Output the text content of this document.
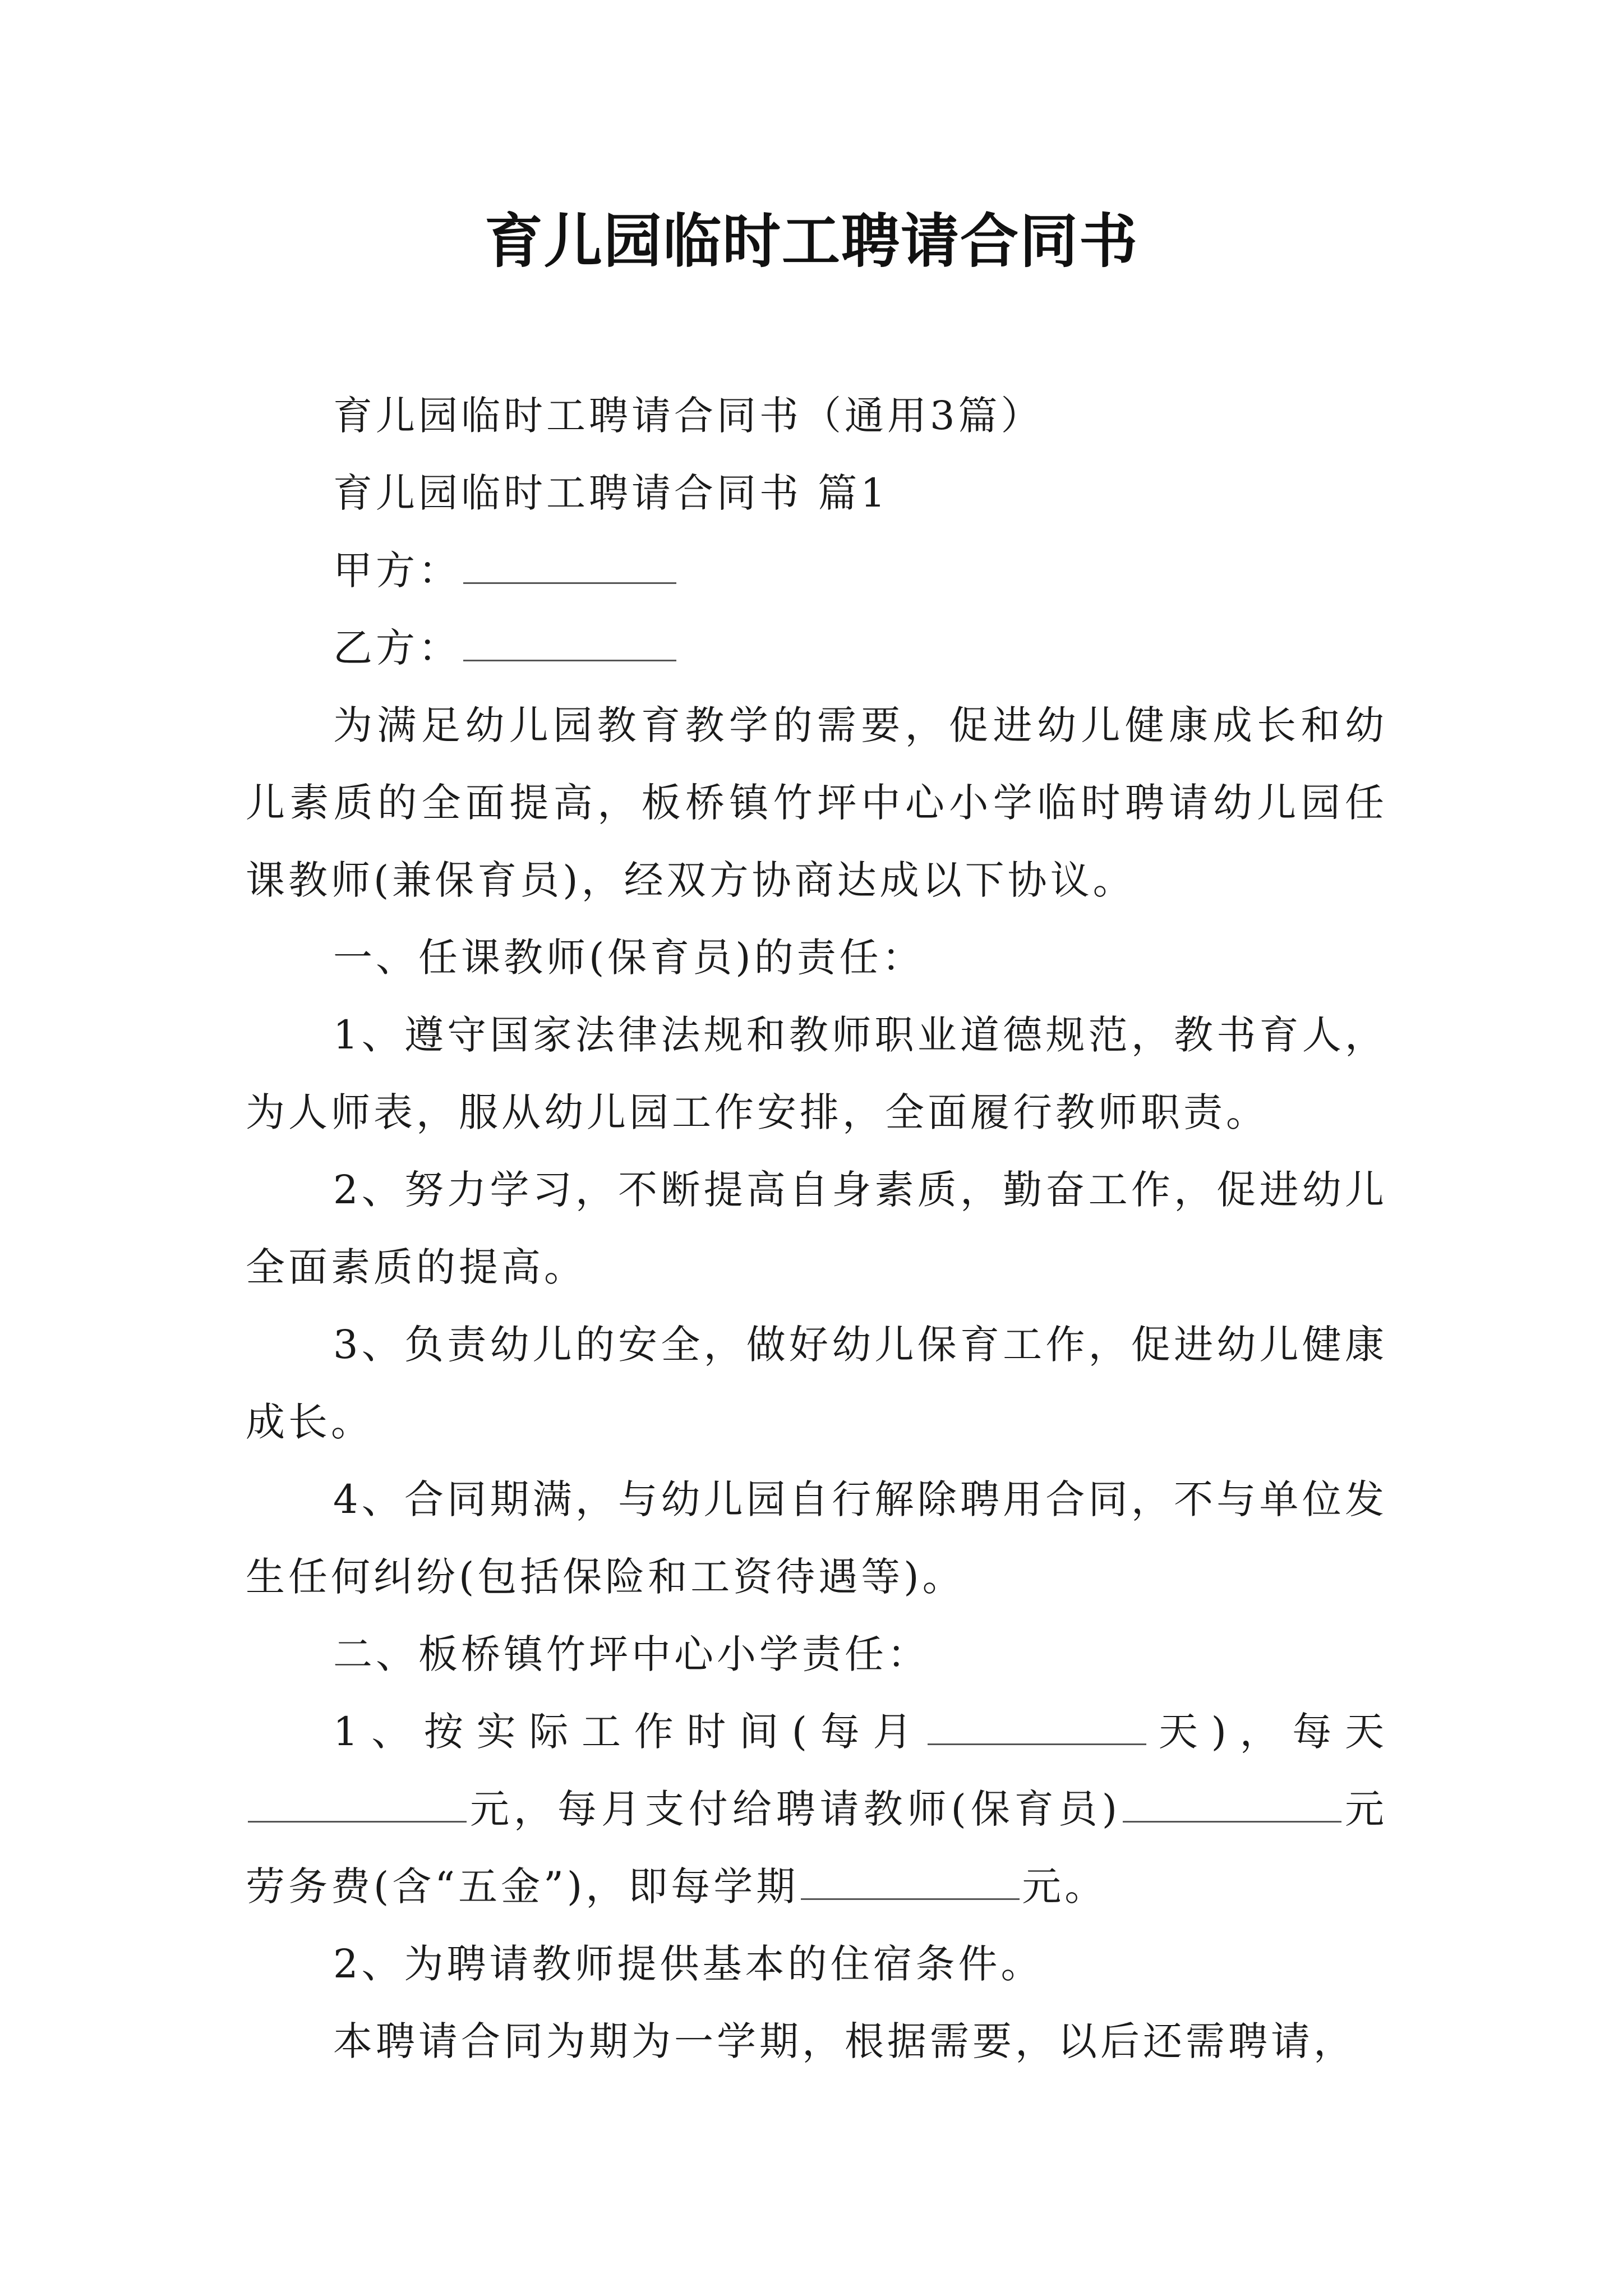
育儿园临时工聘请合同书

育儿园临时工聘请合同书（通用3篇）

育儿园临时工聘请合同书 篇1

甲方：

乙方：

为满足幼儿园教育教学的需要，促进幼儿健康成长和幼儿素质的全面提高，板桥镇竹坪中心小学临时聘请幼儿园任课教师(兼保育员)，经双方协商达成以下协议。

一、任课教师(保育员)的责任：

1、遵守国家法律法规和教师职业道德规范，教书育人，为人师表，服从幼儿园工作安排，全面履行教师职责。

2、努力学习，不断提高自身素质，勤奋工作，促进幼儿全面素质的提高。

3、负责幼儿的安全，做好幼儿保育工作，促进幼儿健康成长。

4、合同期满，与幼儿园自行解除聘用合同，不与单位发生任何纠纷(包括保险和工资待遇等)。

二、板桥镇竹坪中心小学责任：

1、按实际工作时间(每月	天)，每天元，每月支付给聘请教师(保育员)	元劳务费(含“五金”)，即每学期	元。

2、为聘请教师提供基本的住宿条件。

本聘请合同为期为一学期，根据需要，以后还需聘请，
